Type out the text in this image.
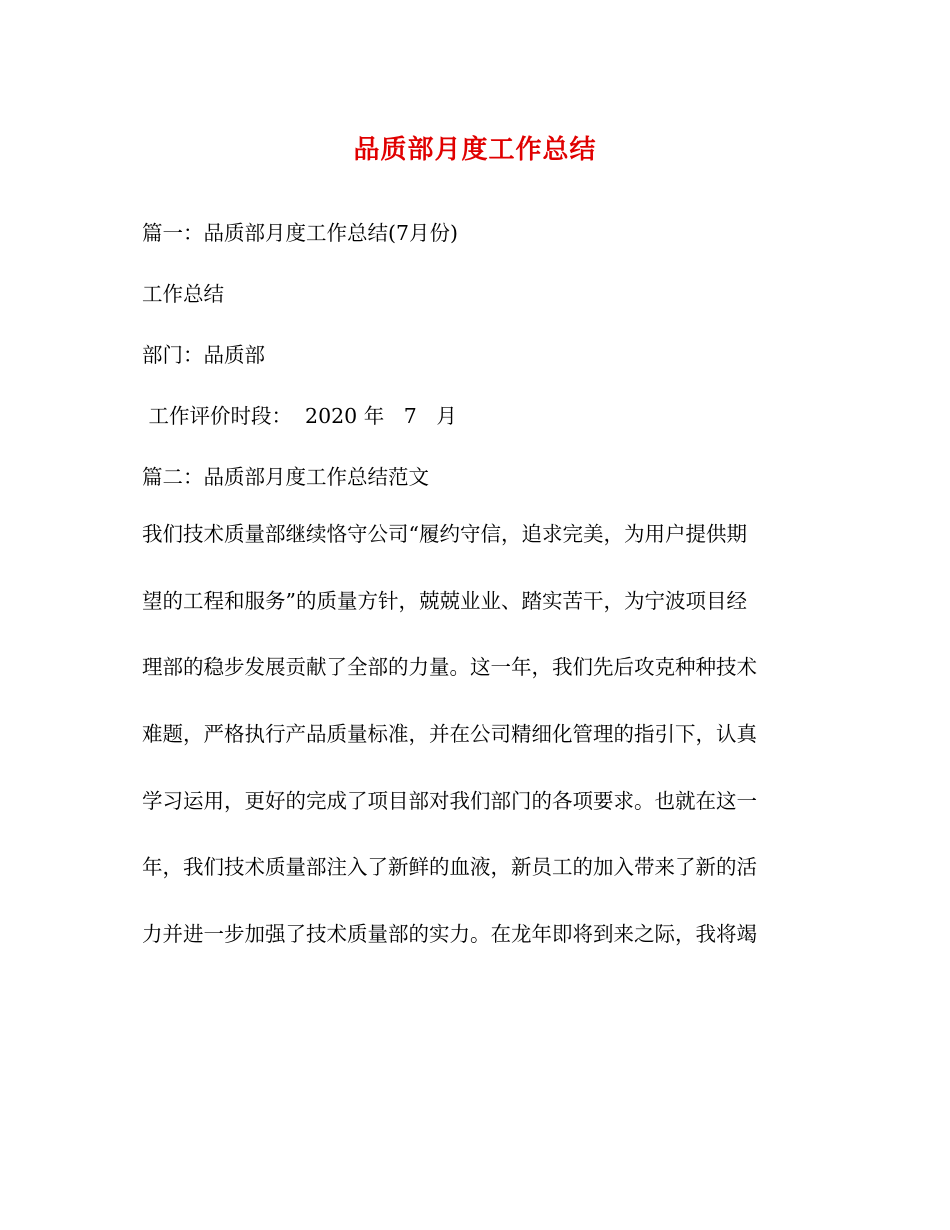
品质部月度工作总结
篇一：品质部月度工作总结(7月份)
工作总结
部门：品质部
工作评价时段：  2020 年   7   月
篇二：品质部月度工作总结范文
我们技术质量部继续恪守公司“履约守信，追求完美，为用户提供期
望的工程和服务”的质量方针，兢兢业业、踏实苦干，为宁波项目经
理部的稳步发展贡献了全部的力量。这一年，我们先后攻克种种技术
难题，严格执行产品质量标准，并在公司精细化管理的指引下，认真
学习运用，更好的完成了项目部对我们部门的各项要求。也就在这一
年，我们技术质量部注入了新鲜的血液，新员工的加入带来了新的活
力并进一步加强了技术质量部的实力。在龙年即将到来之际，我将竭
